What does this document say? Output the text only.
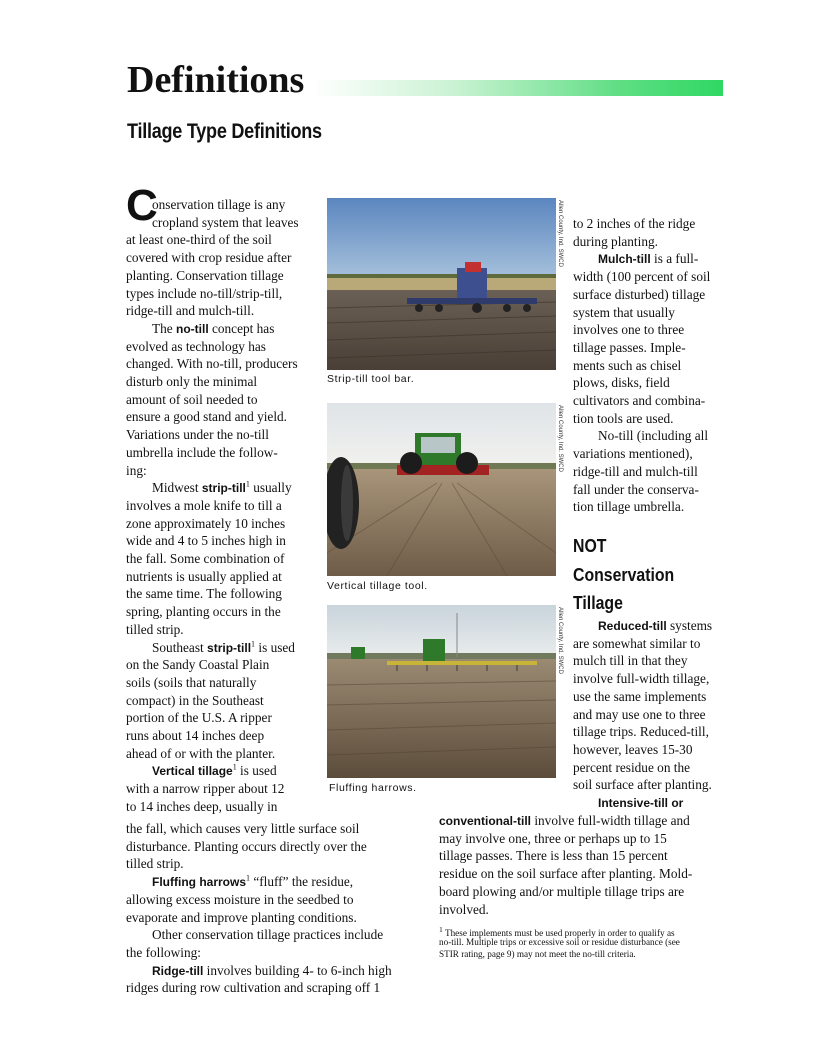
Definitions
Tillage Type Definitions
C
onservation tillage is any
cropland system that leaves
at least one-third of the soil
covered with crop residue after
planting. Conservation tillage
types include no-till/strip-till,
ridge-till and mulch-till.
The no-till concept has
evolved as technology has
changed. With no-till, producers
disturb only the minimal
amount of soil needed to
ensure a good stand and yield.
Variations under the no-till
umbrella include the follow-
ing:
Midwest strip-till$^1$ usually
involves a mole knife to till a
zone approximately 10 inches
wide and 4 to 5 inches high in
the fall. Some combination of
nutrients is usually applied at
the same time. The following
spring, planting occurs in the
tilled strip.
Southeast strip-till$^1$ is used
on the Sandy Coastal Plain
soils (soils that naturally
compact) in the Southeast
portion of the U.S. A ripper
runs about 14 inches deep
ahead of or with the planter.
Vertical tillage$^1$ is used
with a narrow ripper about 12
to 14 inches deep, usually in
the fall, which causes very little surface soil
disturbance. Planting occurs directly over the
tilled strip.
Fluffing harrows$^1$ “fluff” the residue,
allowing excess moisture in the seedbed to
evaporate and improve planting conditions.
Other conservation tillage practices include
the following:
Ridge-till involves building 4- to 6-inch high
ridges during row cultivation and scraping off 1
to 2 inches of the ridge
during planting.
Mulch-till is a full-
width (100 percent of soil
surface disturbed) tillage
system that usually
involves one to three
tillage passes. Imple-
ments such as chisel
plows, disks, field
cultivators and combina-
tion tools are used.
No-till (including all
variations mentioned),
ridge-till and mulch-till
fall under the conserva-
tion tillage umbrella.
Reduced-till systems
are somewhat similar to
mulch till in that they
involve full-width tillage,
use the same implements
and may use one to three
tillage trips. Reduced-till,
however, leaves 15-30
percent residue on the
soil surface after planting.
Intensive-till or
conventional-till involve full-width tillage and
may involve one, three or perhaps up to 15
tillage passes. There is less than 15 percent
residue on the soil surface after planting. Mold-
board plowing and/or multiple tillage trips are
involved.
$^1$ These implements must be used properly in order to qualify as
no-till. Multiple trips or excessive soil or residue disturbance (see
STIR rating, page 9) may not meet the no-till criteria.
NOT
Conservation
Tillage
Allen County, Ind. SWCD
Strip-till tool bar.
Allen County, Ind. SWCD
Vertical tillage tool.
Allen County, Ind. SWCD
Fluffing harrows.
